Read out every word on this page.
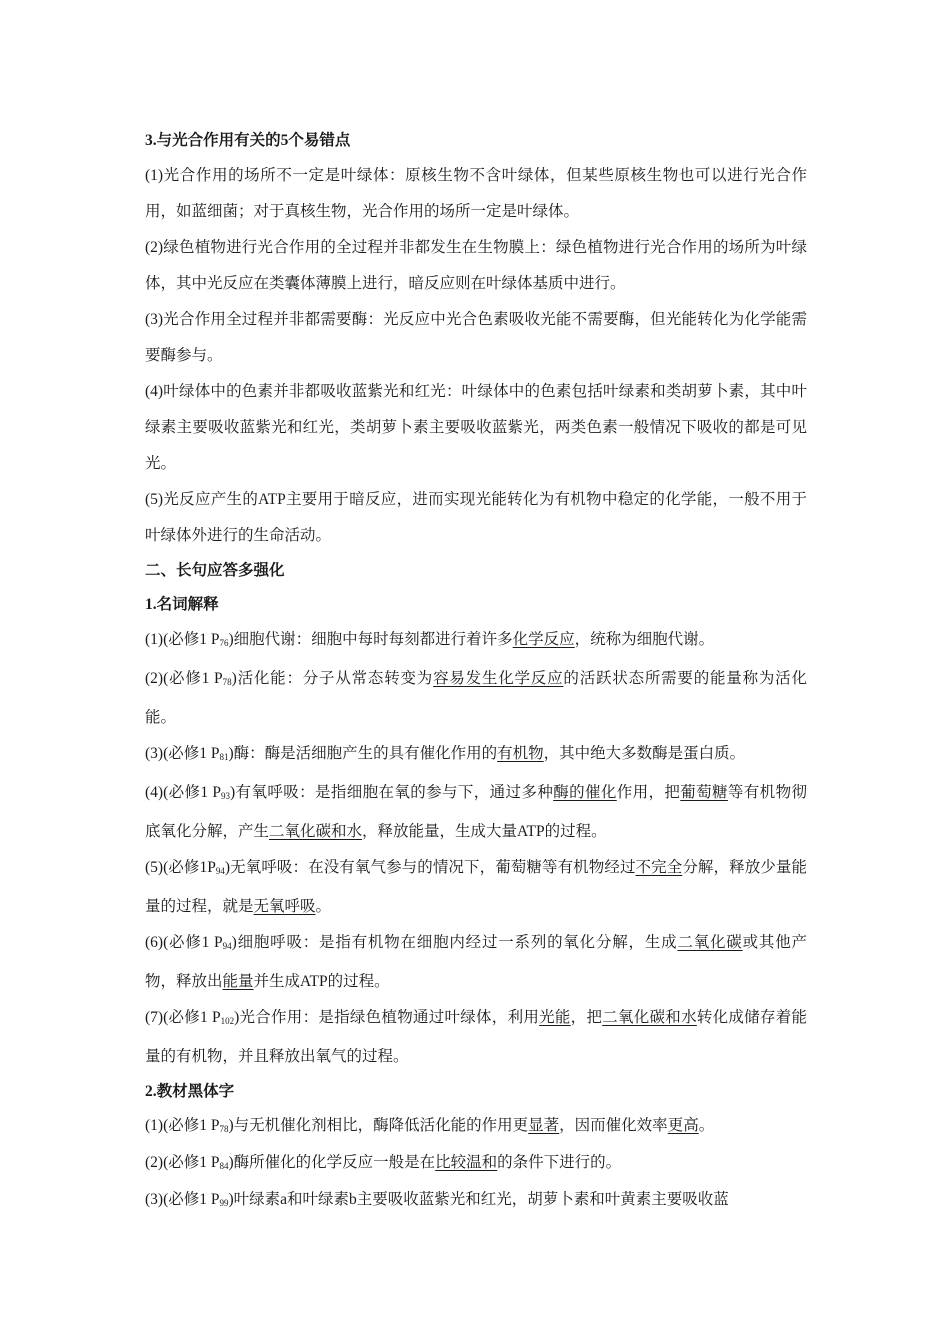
3.与光合作用有关的5个易错点

(1)光合作用的场所不一定是叶绿体：原核生物不含叶绿体，但某些原核生物也可以进行光合作用，如蓝细菌；对于真核生物，光合作用的场所一定是叶绿体。

(2)绿色植物进行光合作用的全过程并非都发生在生物膜上：绿色植物进行光合作用的场所为叶绿体，其中光反应在类囊体薄膜上进行，暗反应则在叶绿体基质中进行。

(3)光合作用全过程并非都需要酶：光反应中光合色素吸收光能不需要酶，但光能转化为化学能需要酶参与。

(4)叶绿体中的色素并非都吸收蓝紫光和红光：叶绿体中的色素包括叶绿素和类胡萝卜素，其中叶绿素主要吸收蓝紫光和红光，类胡萝卜素主要吸收蓝紫光，两类色素一般情况下吸收的都是可见光。

(5)光反应产生的ATP主要用于暗反应，进而实现光能转化为有机物中稳定的化学能，一般不用于叶绿体外进行的生命活动。

二、长句应答多强化

1.名词解释

(1)(必修1 $P_{76}$)细胞代谢：细胞中每时每刻都进行着许多化学反应，统称为细胞代谢。

(2)(必修1 $P_{78}$)活化能：分子从常态转变为容易发生化学反应的活跃状态所需要的能量称为活化能。

(3)(必修1 $P_{81}$)酶：酶是活细胞产生的具有催化作用的有机物，其中绝大多数酶是蛋白质。

(4)(必修1 $P_{93}$)有氧呼吸：是指细胞在氧的参与下，通过多种酶的催化作用，把葡萄糖等有机物彻底氧化分解，产生二氧化碳和水，释放能量，生成大量ATP的过程。

(5)(必修$1P_{94}$)无氧呼吸：在没有氧气参与的情况下，葡萄糖等有机物经过不完全分解，释放少量能量的过程，就是无氧呼吸。

(6)(必修1 $P_{94}$)细胞呼吸：是指有机物在细胞内经过一系列的氧化分解，生成二氧化碳或其他产物，释放出能量并生成ATP的过程。

(7)(必修1 $P_{102}$)光合作用：是指绿色植物通过叶绿体，利用光能，把二氧化碳和水转化成储存着能量的有机物，并且释放出氧气的过程。

2.教材黑体字

(1)(必修1 $P_{78}$)与无机催化剂相比，酶降低活化能的作用更显著，因而催化效率更高。

(2)(必修1 $P_{84}$)酶所催化的化学反应一般是在比较温和的条件下进行的。

(3)(必修1 $P_{99}$)叶绿素a和叶绿素b主要吸收蓝紫光和红光，胡萝卜素和叶黄素主要吸收蓝
